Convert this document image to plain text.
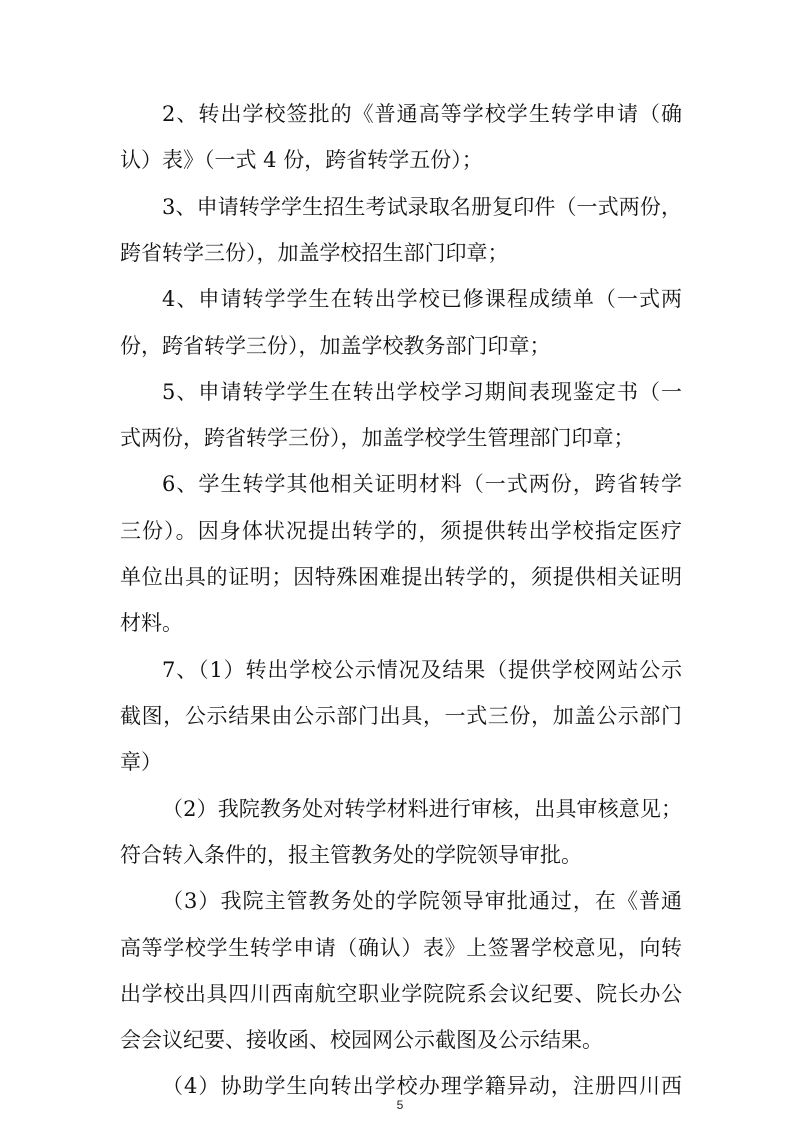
2、转出学校签批的《普通高等学校学生转学申请（确
认）表》（一式 4 份，跨省转学五份）；
3、申请转学学生招生考试录取名册复印件（一式两份，
跨省转学三份），加盖学校招生部门印章；
4、申请转学学生在转出学校已修课程成绩单（一式两
份，跨省转学三份），加盖学校教务部门印章；
5、申请转学学生在转出学校学习期间表现鉴定书（一
式两份，跨省转学三份），加盖学校学生管理部门印章；
6、学生转学其他相关证明材料（一式两份，跨省转学
三份）。因身体状况提出转学的，须提供转出学校指定医疗
单位出具的证明；因特殊困难提出转学的，须提供相关证明
材料。
7、（1）转出学校公示情况及结果（提供学校网站公示
截图，公示结果由公示部门出具，一式三份，加盖公示部门
章）
（2）我院教务处对转学材料进行审核，出具审核意见；
符合转入条件的，报主管教务处的学院领导审批。
（3）我院主管教务处的学院领导审批通过，在《普通
高等学校学生转学申请（确认）表》上签署学校意见，向转
出学校出具四川西南航空职业学院院系会议纪要、院长办公
会会议纪要、接收函、校园网公示截图及公示结果。
（4）协助学生向转出学校办理学籍异动，注册四川西
5
